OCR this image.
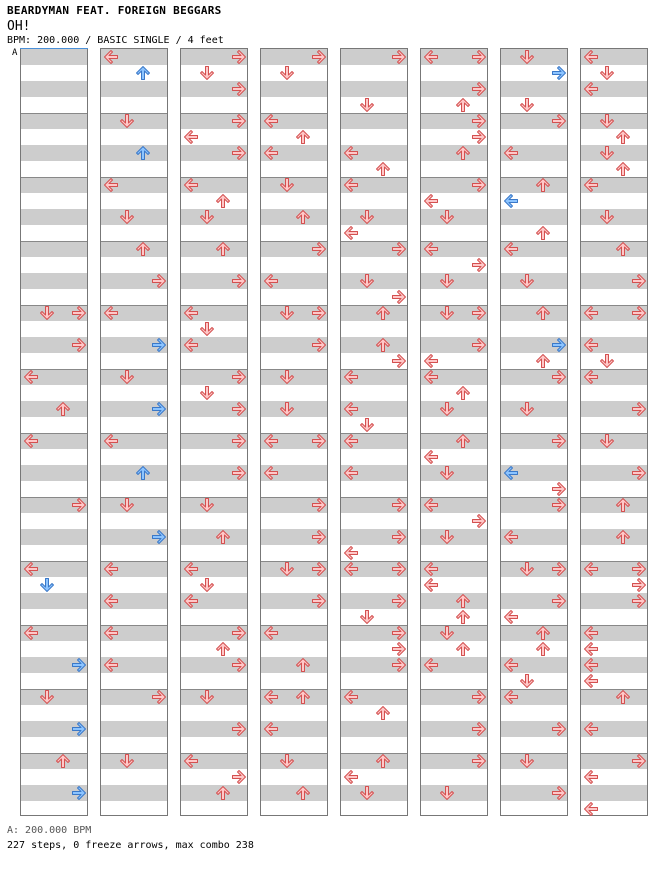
BEARDYMAN FEAT. FOREIGN BEGGARS
OH!
BPM: 200.000 / BASIC SINGLE / 4 feet
A
A: 200.000 BPM
227 steps, 0 freeze arrows, max combo 238
